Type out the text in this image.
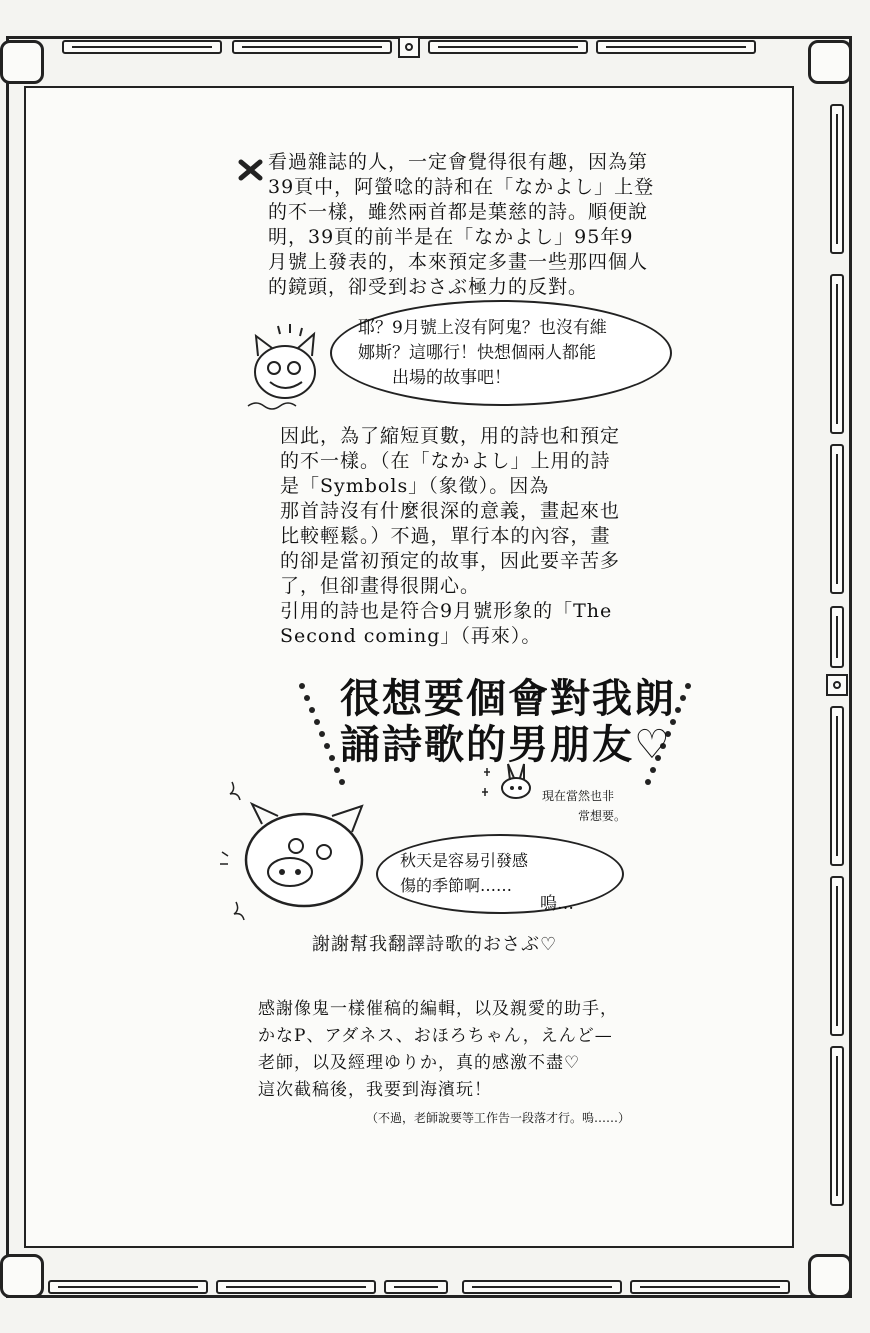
看過雜誌的人，一定會覺得很有趣，因為第
39頁中，阿螢唸的詩和在「なかよし」上登
的不一樣，雖然兩首都是葉慈的詩。順便說
明，39頁的前半是在「なかよし」95年9
月號上發表的，本來預定多畫一些那四個人
的鏡頭，卻受到おさぶ極力的反對。
耶？9月號上沒有阿鬼？也沒有維
娜斯？這哪行！快想個兩人都能
　　出場的故事吧！
因此，為了縮短頁數，用的詩也和預定
的不一樣。（在「なかよし」上用的詩
是「Symbols」（象徵）。因為
那首詩沒有什麼很深的意義，畫起來也
比較輕鬆。）不過，單行本的內容，畫
的卻是當初預定的故事，因此要辛苦多
了，但卻畫得很開心。
引用的詩也是符合9月號形象的「The
Second coming」（再來）。
很想要個會對我朗
誦詩歌的男朋友♡
現在當然也非
　　　常想要。
秋天是容易引發感
傷的季節啊……
嗚…
謝謝幫我翻譯詩歌的おさぶ♡
感謝像鬼一樣催稿的編輯，以及親愛的助手，
かなP、アダネス、おほろちゃん，えんど—
老師，以及經理ゆりか，真的感激不盡♡
這次截稿後，我要到海濱玩！
（不過，老師說要等工作告一段落才行。嗚……）
